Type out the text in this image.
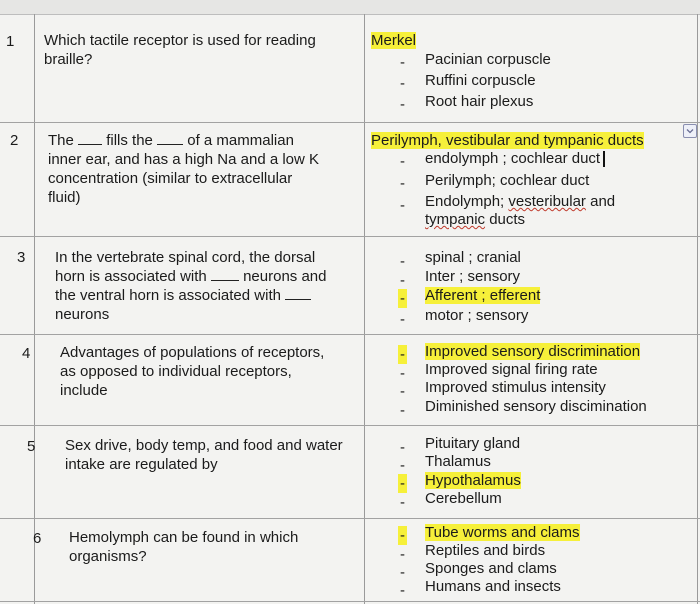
1 Which tactile receptor is used for reading
braille?
Merkel
- Pacinian corpuscle
- Ruffini corpuscle
- Root hair plexus
2 The fills the of a mammalian
inner ear, and has a high Na and a low K
concentration (similar to extracellular
fluid)
Perilymph, vestibular and tympanic ducts
- endolymph ; cochlear duct
- Perilymph; cochlear duct
- Endolymph; vesteribular and
tympanic ducts
3 In the vertebrate spinal cord, the dorsal
horn is associated with neurons and
the ventral horn is associated with
neurons
- spinal ; cranial
- Inter ; sensory
- Afferent ; efferent
- motor ; sensory
4 Advantages of populations of receptors,
as opposed to individual receptors,
include
- Improved sensory discrimination
- Improved signal firing rate
- Improved stimulus intensity
- Diminished sensory discimination
5 Sex drive, body temp, and food and water
intake are regulated by
- Pituitary gland
- Thalamus
- Hypothalamus
- Cerebellum
6 Hemolymph can be found in which
organisms?
- Tube worms and clams
- Reptiles and birds
- Sponges and clams
- Humans and insects
